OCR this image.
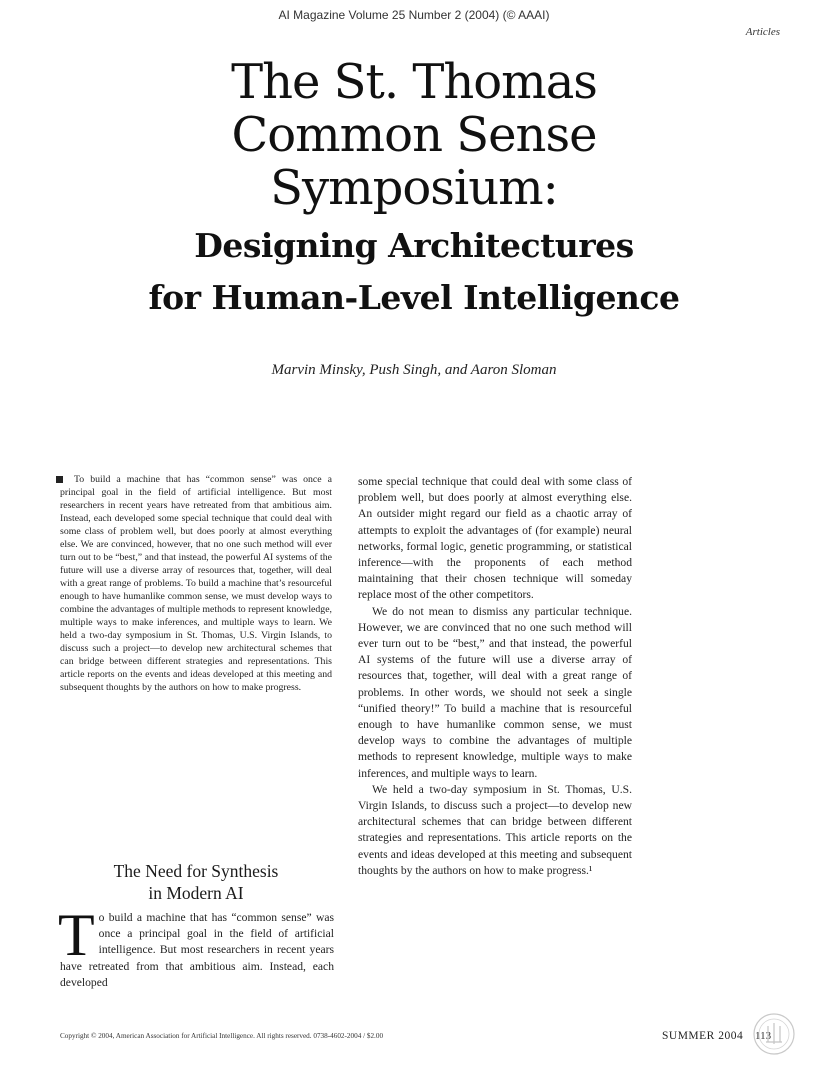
AI Magazine Volume 25 Number 2 (2004) (© AAAI)
Articles
The St. Thomas
Common Sense
Symposium:
Designing Architectures
for Human-Level Intelligence
Marvin Minsky, Push Singh, and Aaron Sloman
To build a machine that has “common sense” was once a principal goal in the field of artificial intelligence. But most researchers in recent years have retreated from that ambitious aim. Instead, each developed some special technique that could deal with some class of problem well, but does poorly at almost everything else. We are convinced, however, that no one such method will ever turn out to be “best,” and that instead, the powerful AI systems of the future will use a diverse array of resources that, together, will deal with a great range of problems. To build a machine that’s resourceful enough to have humanlike common sense, we must develop ways to combine the advantages of multiple methods to represent knowledge, multiple ways to make inferences, and multiple ways to learn. We held a two-day symposium in St. Thomas, U.S. Virgin Islands, to discuss such a project—to develop new architectural schemes that can bridge between different strategies and representations. This article reports on the events and ideas developed at this meeting and subsequent thoughts by the authors on how to make progress.
The Need for Synthesis
in Modern AI
To build a machine that has “common sense” was once a principal goal in the field of artificial intelligence. But most researchers in recent years have retreated from that ambitious aim. Instead, each developed

some special technique that could deal with some class of problem well, but does poorly at almost everything else. An outsider might regard our field as a chaotic array of attempts to exploit the advantages of (for example) neural networks, formal logic, genetic programming, or statistical inference—with the proponents of each method maintaining that their chosen technique will someday replace most of the other competitors.

We do not mean to dismiss any particular technique. However, we are convinced that no one such method will ever turn out to be “best,” and that instead, the powerful AI systems of the future will use a diverse array of resources that, together, will deal with a great range of problems. In other words, we should not seek a single “unified theory!” To build a machine that is resourceful enough to have humanlike common sense, we must develop ways to combine the advantages of multiple methods to represent knowledge, multiple ways to make inferences, and multiple ways to learn.

We held a two-day symposium in St. Thomas, U.S. Virgin Islands, to discuss such a project—to develop new architectural schemes that can bridge between different strategies and representations. This article reports on the events and ideas developed at this meeting and subsequent thoughts by the authors on how to make progress.¹

Copyright © 2004, American Association for Artificial Intelligence. All rights reserved. 0738-4602-2004 / $2.00	SUMMER 2004 113
